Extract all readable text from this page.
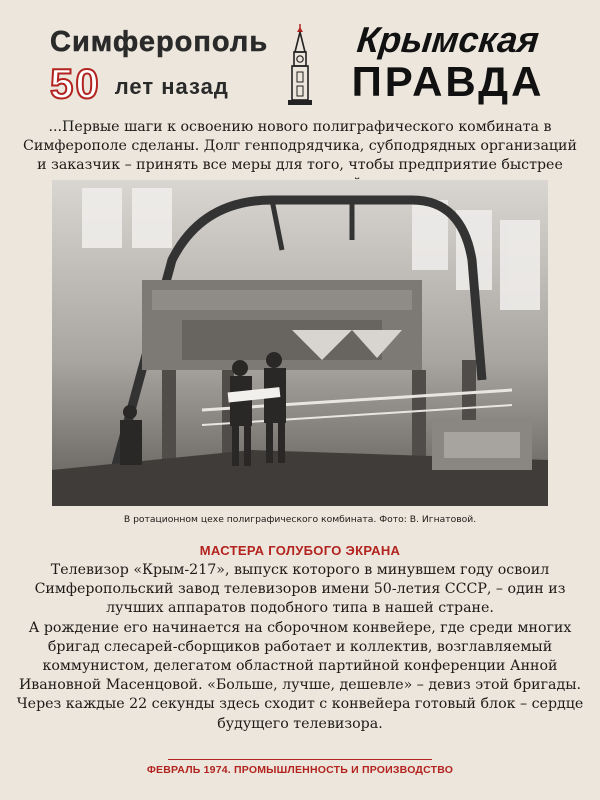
Симферополь
50 лет назад
Крымская
ПРАВДА
...Первые шаги к освоению нового полиграфического комбината в Симферополе сделаны. Долг генподрядчика, субподрядных организаций и заказчик – принять все меры для того, чтобы предприятие быстрее
В ротационном цехе полиграфического комбината. Фото: В. Игнатовой.
МАСТЕРА ГОЛУБОГО ЭКРАНА

Телевизор «Крым-217», выпуск которого в минувшем году освоил Симферопольский завод телевизоров имени 50-летия СССР, – один из лучших аппаратов подобного типа в нашей стране.

А рождение его начинается на сборочном конвейере, где среди многих бригад слесарей-сборщиков работает и коллектив, возглавляемый коммунистом, делегатом областной партийной конференции Анной Ивановной Масенцовой. «Больше, лучше, дешевле» – девиз этой бригады. Через каждые 22 секунды здесь сходит с конвейера готовый блок – сердце будущего телевизора.

ФЕВРАЛЬ 1974. ПРОМЫШЛЕННОСТЬ И ПРОИЗВОДСТВО
